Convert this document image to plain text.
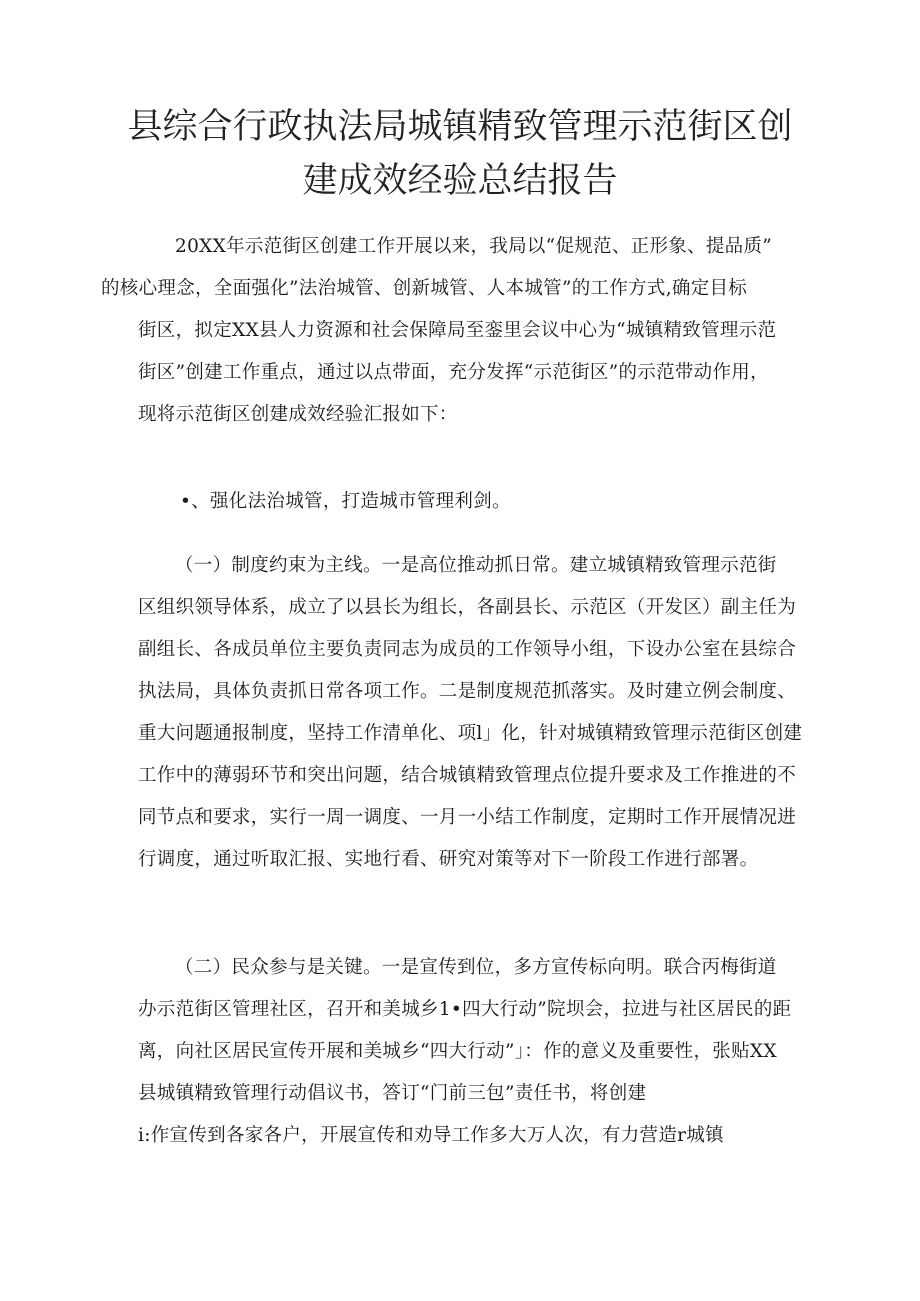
县综合行政执法局城镇精致管理示范街区创
建成效经验总结报告

20XX年示范街区创建工作开展以来，我局以“促规范、正形象、提品质”
的核心理念，全面强化”法治城管、创新城管、人本城管”的工作方式,确定目标
街区，拟定XX县人力资源和社会保障局至銮里会议中心为“城镇精致管理示范
街区”创建工作重点，通过以点带面，充分发挥“示范街区”的示范带动作用，
现将示范街区创建成效经验汇报如下：

•、强化法治城管，打造城市管理利剑。

（一）制度约束为主线。一是高位推动抓日常。建立城镇精致管理示范街
区组织领导体系，成立了以县长为组长，各副县长、示范区（开发区）副主任为
副组长、各成员单位主要负责同志为成员的工作领导小组，下设办公室在县综合
执法局，具体负责抓日常各项工作。二是制度规范抓落实。及时建立例会制度、
重大问题通报制度，坚持工作清单化、项l」化，针对城镇精致管理示范街区创建
工作中的薄弱环节和突出问题，结合城镇精致管理点位提升要求及工作推进的不
同节点和要求，实行一周一调度、一月一小结工作制度，定期时工作开展情况进
行调度，通过听取汇报、实地行看、研究对策等对下一阶段工作进行部署。

（二）民众参与是关键。一是宣传到位，多方宣传标向明。联合丙梅街道
办示范街区管理社区，召开和美城乡1•四大行动”院坝会，拉进与社区居民的距
离，向社区居民宣传开展和美城乡“四大行动”」：作的意义及重要性，张贴XX
县城镇精致管理行动倡议书，答订“门前三包”责任书，将创建
i:作宣传到各家各户，开展宣传和劝导工作多大万人次，有力营造r城镇
